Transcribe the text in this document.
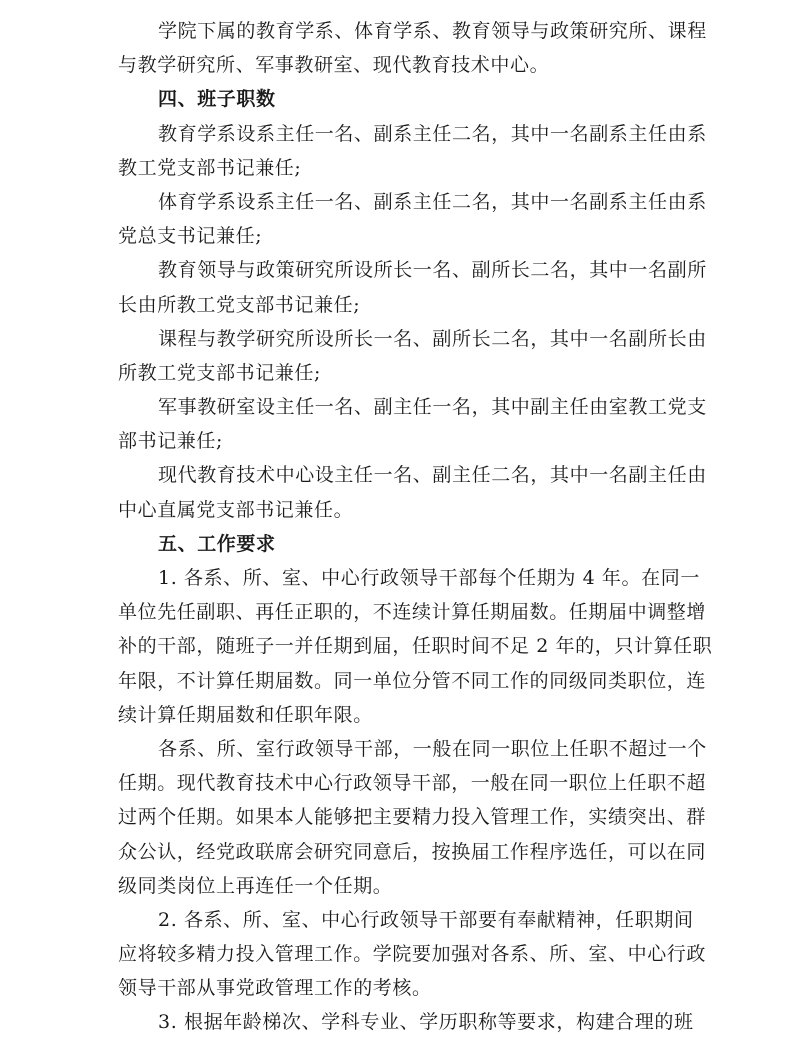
学院下属的教育学系、体育学系、教育领导与政策研究所、课程
与教学研究所、军事教研室、现代教育技术中心。
四、班子职数
教育学系设系主任一名、副系主任二名，其中一名副系主任由系
教工党支部书记兼任;
体育学系设系主任一名、副系主任二名，其中一名副系主任由系
党总支书记兼任;
教育领导与政策研究所设所长一名、副所长二名，其中一名副所
长由所教工党支部书记兼任;
课程与教学研究所设所长一名、副所长二名，其中一名副所长由
所教工党支部书记兼任;
军事教研室设主任一名、副主任一名，其中副主任由室教工党支
部书记兼任;
现代教育技术中心设主任一名、副主任二名，其中一名副主任由
中心直属党支部书记兼任。
五、工作要求
1. 各系、所、室、中心行政领导干部每个任期为 4 年。在同一
单位先任副职、再任正职的，不连续计算任期届数。任期届中调整增
补的干部，随班子一并任期到届，任职时间不足 2 年的，只计算任职
年限，不计算任期届数。同一单位分管不同工作的同级同类职位，连
续计算任期届数和任职年限。
各系、所、室行政领导干部，一般在同一职位上任职不超过一个
任期。现代教育技术中心行政领导干部，一般在同一职位上任职不超
过两个任期。如果本人能够把主要精力投入管理工作，实绩突出、群
众公认，经党政联席会研究同意后，按换届工作程序选任，可以在同
级同类岗位上再连任一个任期。
2. 各系、所、室、中心行政领导干部要有奉献精神，任职期间
应将较多精力投入管理工作。学院要加强对各系、所、室、中心行政
领导干部从事党政管理工作的考核。
3. 根据年龄梯次、学科专业、学历职称等要求，构建合理的班
